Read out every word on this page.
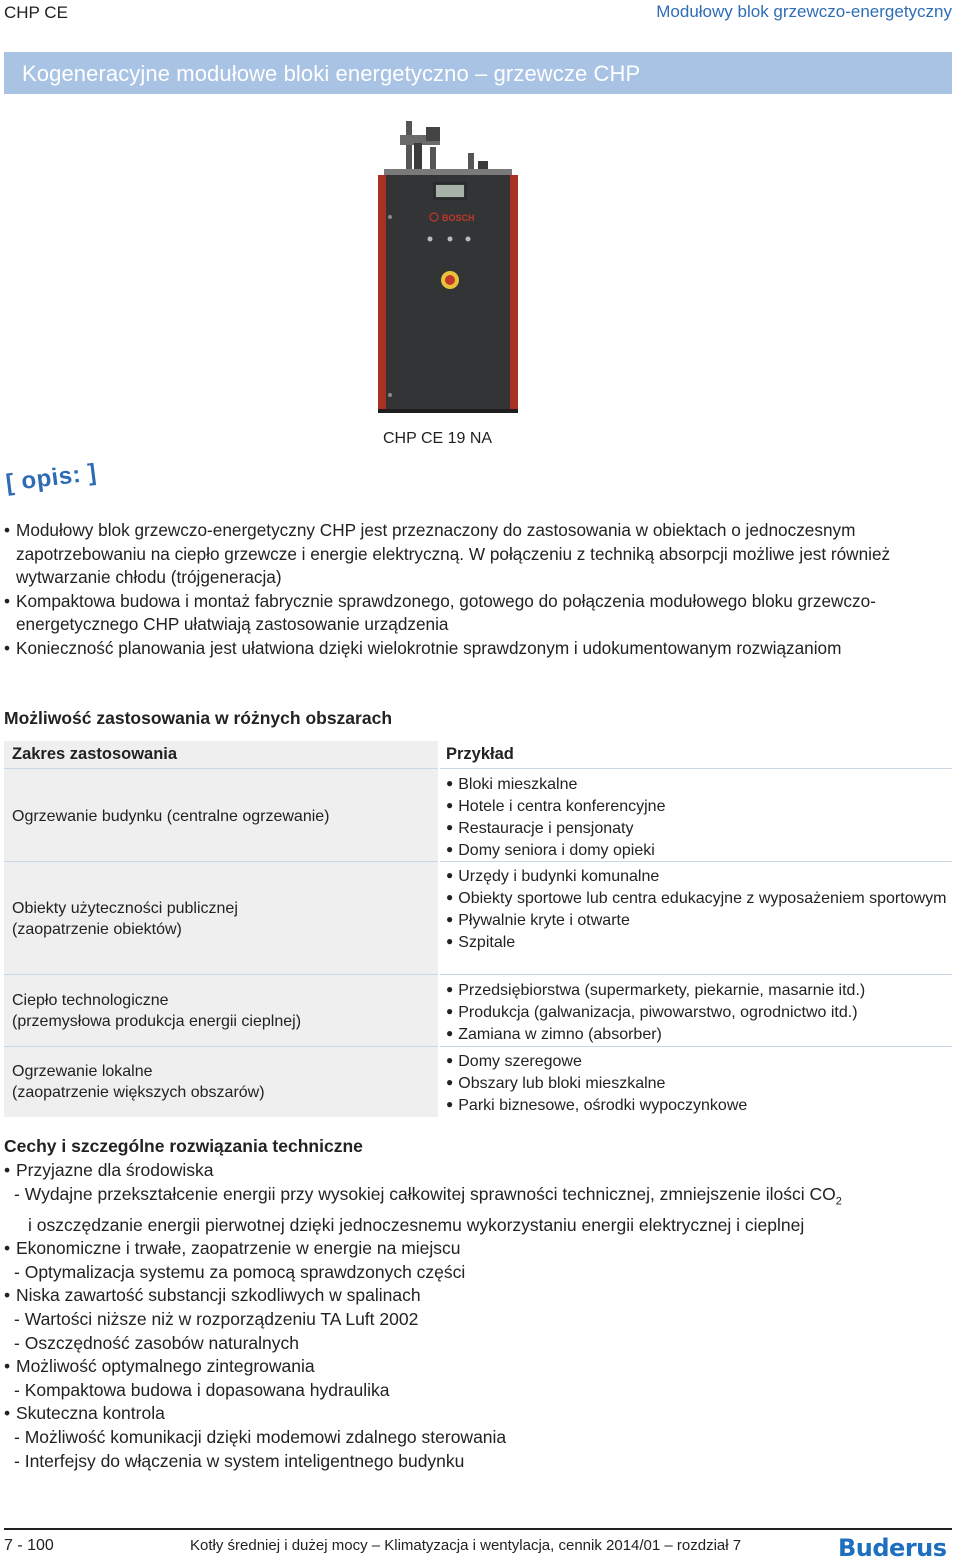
CHP CE	Modułowy blok grzewczo-energetyczny
Kogeneracyjne modułowe bloki energetyczno – grzewcze CHP
BOSCH
CHP CE 19 NA
[ opis: ]
• Modułowy blok grzewczo-energetyczny CHP jest przeznaczony do zastosowania w obiektach o jednoczesnym zapotrzebowaniu na ciepło grzewcze i energie elektryczną. W połączeniu z techniką absorpcji możliwe jest również wytwarzanie chłodu (trójgeneracja)
• Kompaktowa budowa i montaż fabrycznie sprawdzonego, gotowego do połączenia modułowego bloku grzewczo-energetycznego CHP ułatwiają zastosowanie urządzenia
• Konieczność planowania jest ułatwiona dzięki wielokrotnie sprawdzonym i udokumentowanym rozwiązaniom
Możliwość zastosowania w różnych obszarach
Zakres zastosowania	Przykład
Ogrzewanie budynku (centralne ogrzewanie)
● Bloki mieszkalne
● Hotele i centra konferencyjne
● Restauracje i pensjonaty
● Domy seniora i domy opieki
Obiekty użyteczności publicznej
(zaopatrzenie obiektów)
● Urzędy i budynki komunalne
● Obiekty sportowe lub centra edukacyjne z wyposażeniem sportowym
● Pływalnie kryte i otwarte
● Szpitale
Ciepło technologiczne
(przemysłowa produkcja energii cieplnej)
● Przedsiębiorstwa (supermarkety, piekarnie, masarnie itd.)
● Produkcja (galwanizacja, piwowarstwo, ogrodnictwo itd.)
● Zamiana w zimno (absorber)
Ogrzewanie lokalne
(zaopatrzenie większych obszarów)
● Domy szeregowe
● Obszary lub bloki mieszkalne
● Parki biznesowe, ośrodki wypoczynkowe
Cechy i szczególne rozwiązania techniczne
• Przyjazne dla środowiska
- Wydajne przekształcenie energii przy wysokiej całkowitej sprawności technicznej, zmniejszenie ilości $CO_2$
i oszczędzanie energii pierwotnej dzięki jednoczesnemu wykorzystaniu energii elektrycznej i cieplnej
• Ekonomiczne i trwałe, zaopatrzenie w energie na miejscu
- Optymalizacja systemu za pomocą sprawdzonych części
• Niska zawartość substancji szkodliwych w spalinach
- Wartości niższe niż w rozporządzeniu TA Luft 2002
- Oszczędność zasobów naturalnych
• Możliwość optymalnego zintegrowania
- Kompaktowa budowa i dopasowana hydraulika
• Skuteczna kontrola
- Możliwość komunikacji dzięki modemowi zdalnego sterowania
- Interfejsy do włączenia w system inteligentnego budynku
7 - 100	Kotły średniej i dużej mocy – Klimatyzacja i wentylacja, cennik 2014/01 – rozdział 7	Buderus
